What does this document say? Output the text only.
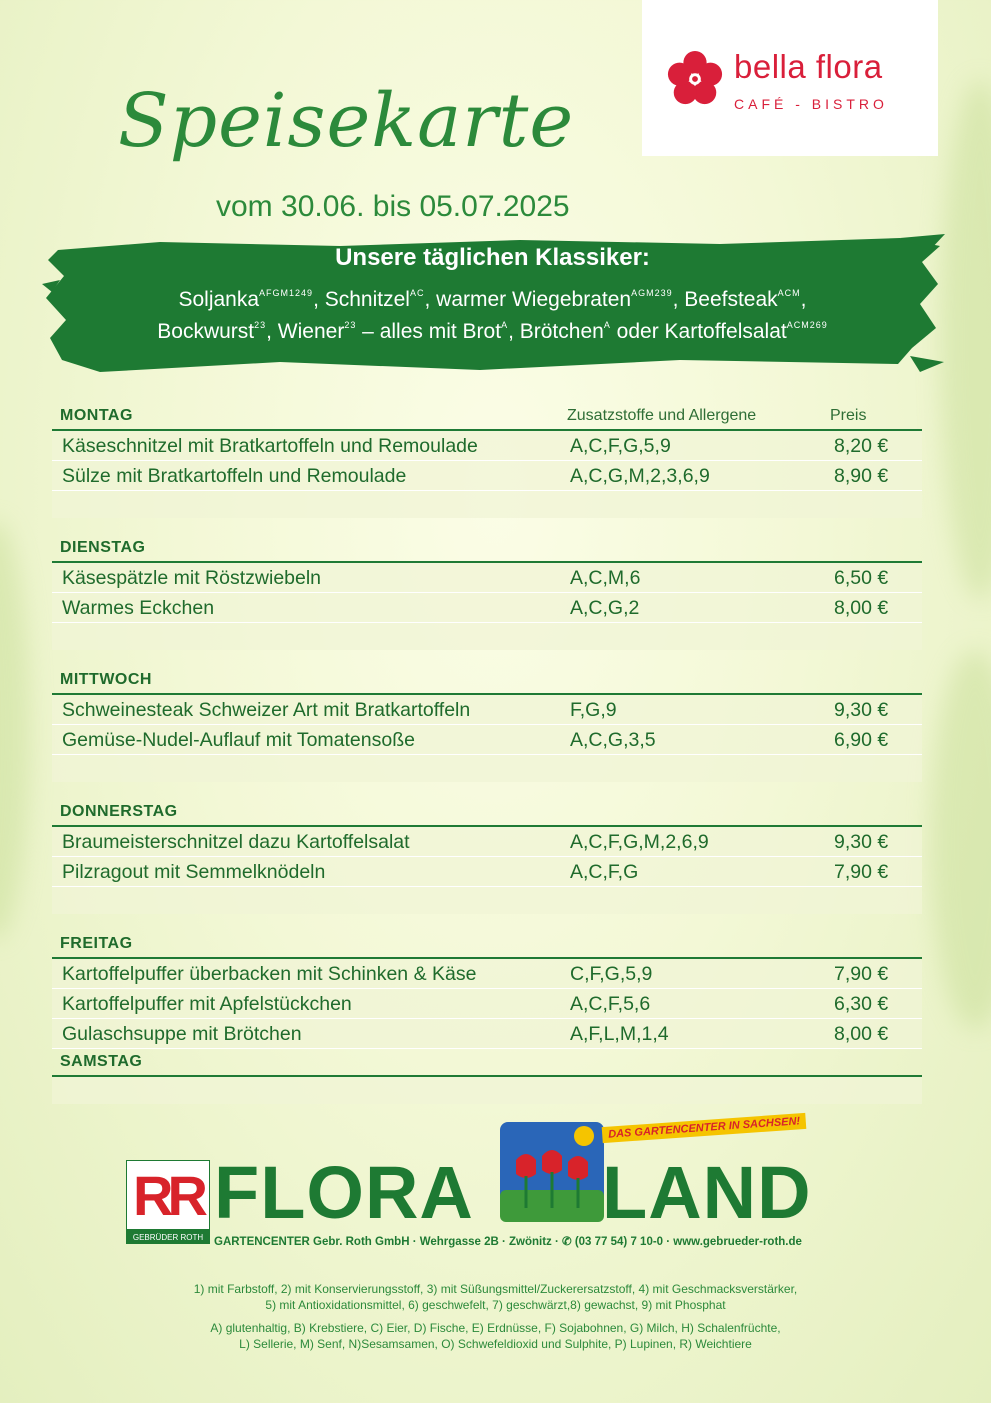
bella flora
CAFÉ - BISTRO
Speisekarte
vom 30.06. bis 05.07.2025
Unsere täglichen Klassiker:
Soljanka$^{AFGM1249}$, Schnitzel$^{AC}$, warmer Wiegebraten$^{AGM239}$, Beefsteak$^{ACM}$,
Bockwurst$^{23}$, Wiener$^{23}$ – alles mit Brot$^A$, Brötchen$^A$ oder Kartoffelsalat$^{ACM269}$
MONTAG	Zusatzstoffe und Allergene	Preis
Käseschnitzel mit Bratkartoffeln und Remoulade	A,C,F,G,5,9	8,20 €
Sülze mit Bratkartoffeln und Remoulade	A,C,G,M,2,3,6,9	8,90 €
DIENSTAG
Käsespätzle mit Röstzwiebeln	A,C,M,6	6,50 €
Warmes Eckchen	A,C,G,2	8,00 €
MITTWOCH
Schweinesteak Schweizer Art mit Bratkartoffeln	F,G,9	9,30 €
Gemüse-Nudel-Auflauf mit Tomatensoße	A,C,G,3,5	6,90 €
DONNERSTAG
Braumeisterschnitzel dazu Kartoffelsalat	A,C,F,G,M,2,6,9	9,30 €
Pilzragout mit Semmelknödeln	A,C,F,G	7,90 €
FREITAG
Kartoffelpuffer überbacken mit Schinken & Käse	C,F,G,5,9	7,90 €
Kartoffelpuffer mit Apfelstückchen	A,C,F,5,6	6,30 €
Gulaschsuppe mit Brötchen	A,F,L,M,1,4	8,00 €
SAMSTAG
RR
GEBRÜDER ROTH
FLORA LAND
DAS GARTENCENTER IN SACHSEN!
GARTENCENTER Gebr. Roth GmbH · Wehrgasse 2B · Zwönitz · ✆ (03 77 54) 7 10-0 · www.gebrueder-roth.de
1) mit Farbstoff, 2) mit Konservierungsstoff, 3) mit Süßungsmittel/Zuckerersatzstoff, 4) mit Geschmacksverstärker,
5) mit Antioxidationsmittel, 6) geschwefelt, 7) geschwärzt,8) gewachst, 9) mit Phosphat
A) glutenhaltig, B) Krebstiere, C) Eier, D) Fische, E) Erdnüsse, F) Sojabohnen, G) Milch, H) Schalenfrüchte,
L) Sellerie, M) Senf, N)Sesamsamen, O) Schwefeldioxid und Sulphite, P) Lupinen, R) Weichtiere
